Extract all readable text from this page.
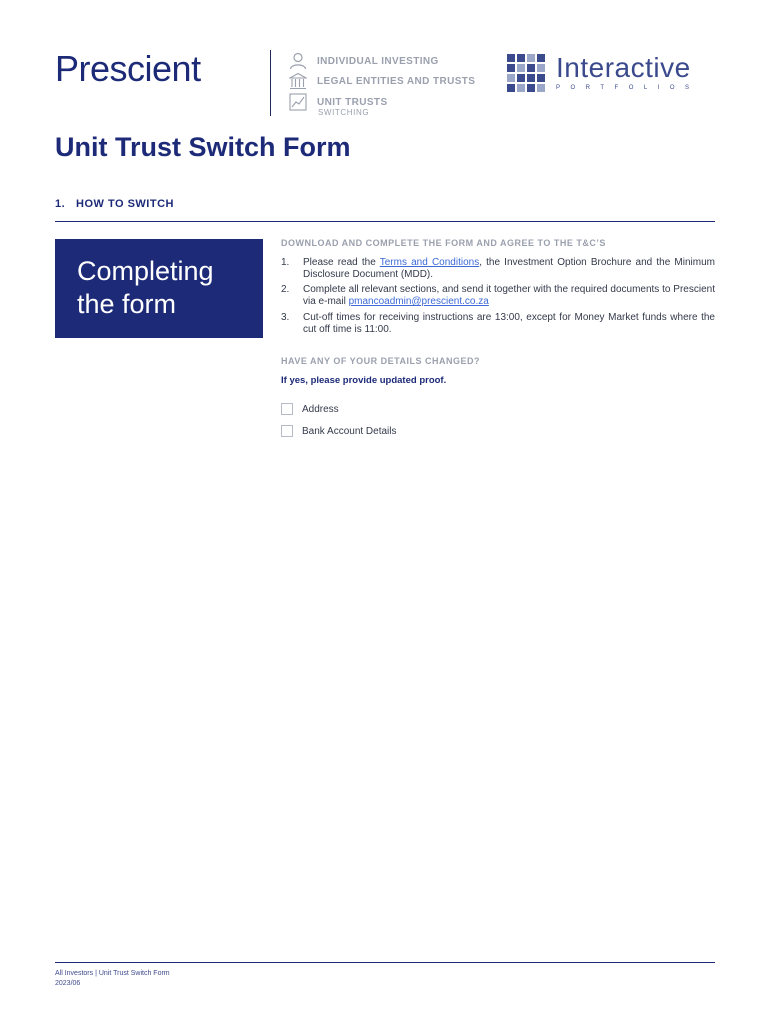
Prescient	INDIVIDUAL INVESTING
LEGAL ENTITIES AND TRUSTS
UNIT TRUSTS
SWITCHING
Interactive
PORTFOLIOS
Unit Trust Switch Form
1. HOW TO SWITCH
Completing the form
DOWNLOAD AND COMPLETE THE FORM AND AGREE TO THE T&C’S
1.	Please read the Terms and Conditions, the Investment Option Brochure and the Minimum Disclosure Document (MDD).
2.	Complete all relevant sections, and send it together with the required documents to Prescient via e-mail pmancoadmin@prescient.co.za
3.	Cut-off times for receiving instructions are 13:00, except for Money Market funds where the cut off time is 11:00.
HAVE ANY OF YOUR DETAILS CHANGED?
If yes, please provide updated proof.
Address
Bank Account Details
All Investors | Unit Trust Switch Form
2023/06
